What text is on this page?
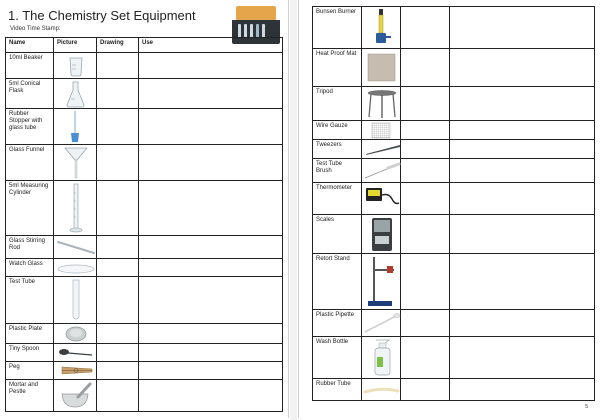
1. The Chemistry Set Equipment
Video Time Stamp:
Name	Picture	Drawing	Use
10ml Beaker	

5ml Conical Flask	

Rubber Stopper with glass tube	

Glass Funnel	

5ml Measuring Cylinder	

Glass Stirring Rod	

Watch Glass	

Test Tube	

Plastic Plate	

Tiny Spoon	

Peg	

Mortar and Pestle	

5
Bunsen Burner	

Heat Proof Mat	

Tripod	

Wire Gauze	

Tweezers	

Test Tube Brush	

Thermometer	

Scales	

Retort Stand	

Plastic Pipette	

Wash Bottle	

Rubber Tube	
